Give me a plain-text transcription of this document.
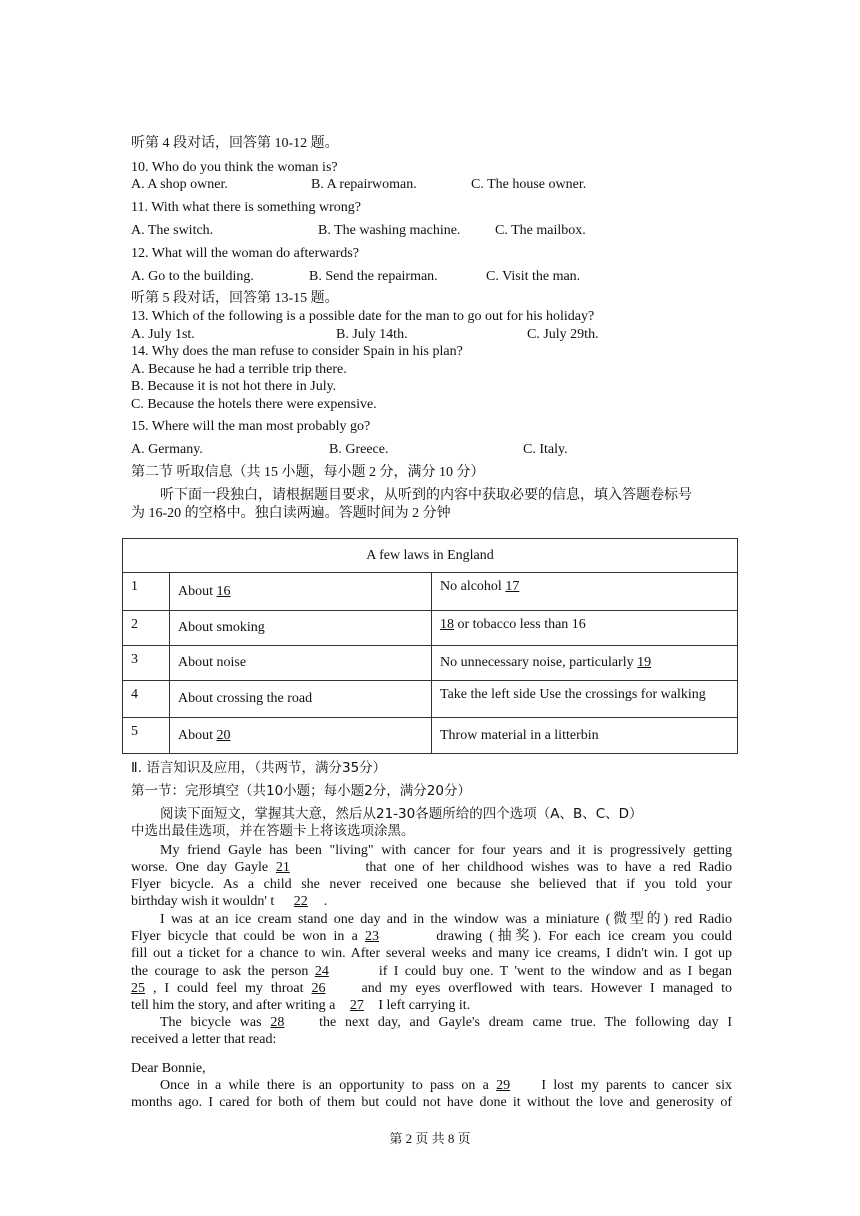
听第 4 段对话，回答第 10-12 题。
10. Who do you think the woman is?
A. A shop owner.	B. A repairwoman.	C. The house owner.
11. With what there is something wrong?
A. The switch.	B. The washing machine. C. The mailbox.
12. What will the woman do afterwards?
A. Go to the building.	B. Send the repairman.	C. Visit the man.
听第 5 段对话，回答第 13-15 题。
13. Which of the following is a possible date for the man to go out for his holiday?
A. July 1st.	B. July 14th.	C. July 29th.
14. Why does the man refuse to consider Spain in his plan?
A. Because he had a terrible trip there.
B. Because it is not hot there in July.
C. Because the hotels there were expensive.
15. Where will the man most probably go?
A. Germany.	B. Greece.	C. Italy.
第二节 听取信息（共 15 小题，每小题 2 分，满分 10 分）
听下面一段独白，请根据题目要求，从听到的内容中获取必要的信息，填入答题卷标号
为 16-20 的空格中。独白读两遍。答题时间为 2 分钟
A few laws in England		
1	About 16	No alcohol 17
2	About smoking	18 or tobacco less than 16
3	About noise	No unnecessary noise, particularly 19
4	About crossing the road	Take the left side Use the crossings for walking
5	About 20	Throw material in a litterbin
Ⅱ. 语言知识及应用，（共两节，满分35分）
第一节：完形填空（共10小题；每小题2分，满分20分）
阅读下面短文，掌握其大意，然后从21-30各题所给的四个选项（A、B、C、D）
中选出最佳选项，并在答题卡上将该选项涂黑。
My friend Gayle has been "living" with cancer for four years and it is progressively getting
worse. One day Gayle 21	that one of her childhood wishes was to have a red Radio
Flyer bicycle. As a child she never received one because she believed that if you told your
birthday wish it wouldn' t 22 .
I was at an ice cream stand one day and in the window was a miniature (微型的) red Radio
Flyer bicycle that could be won in a 23	drawing (抽奖). For each ice cream you could
fill out a ticket for a chance to win. After several weeks and many ice creams, I didn't win. I got up
the courage to ask the person 24	if I could buy one. T 'went to the window and as I began
25 , I could feel my throat 26	and my eyes overflowed with tears. However I managed to
tell him the story, and after writing a 27 I left carrying it.
The bicycle was 28 the next day, and Gayle's dream came true. The following day I
received a letter that read:
Dear Bonnie,
Once in a while there is an opportunity to pass on a 29 I lost my parents to cancer six
months ago. I cared for both of them but could not have done it without the love and generosity of
第 2 页 共 8 页
